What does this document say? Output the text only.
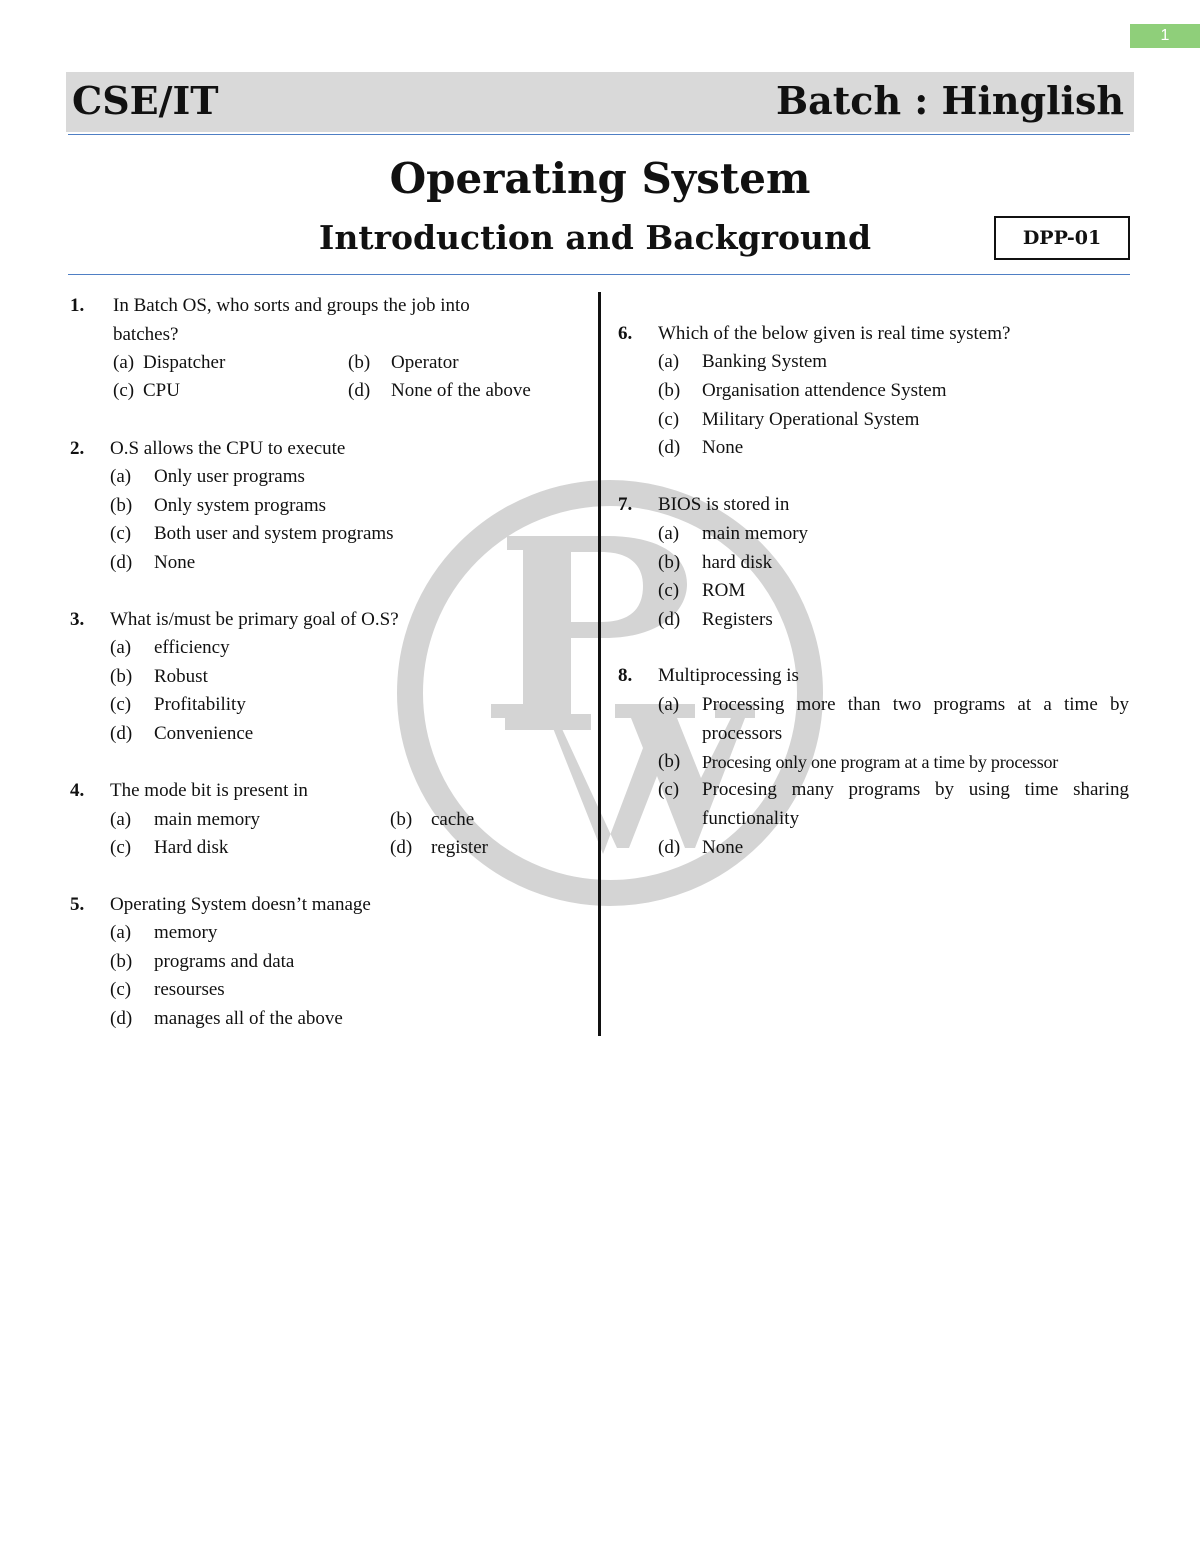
1
CSE/IT	Batch : Hinglish
Operating System
Introduction and Background	DPP-01
1. In Batch OS, who sorts and groups the job into batches?
(a) Dispatcher	(b) Operator
(c) CPU	(d) None of the above
2. O.S allows the CPU to execute
(a) Only user programs
(b) Only system programs
(c) Both user and system programs
(d) None
3. What is/must be primary goal of O.S?
(a) efficiency
(b) Robust
(c) Profitability
(d) Convenience
4. The mode bit is present in
(a) main memory	(b) cache
(c) Hard disk	(d) register
5. Operating System doesn’t manage
(a) memory
(b) programs and data
(c) resourses
(d) manages all of the above
6. Which of the below given is real time system?
(a) Banking System
(b) Organisation attendence System
(c) Military Operational System
(d) None
7. BIOS is stored in
(a) main memory
(b) hard disk
(c) ROM
(d) Registers
8. Multiprocessing is
(a) Processing more than two programs at a time by processors
(b) Procesing only one program at a time by processor
(c) Procesing many programs by using time sharing functionality
(d) None
